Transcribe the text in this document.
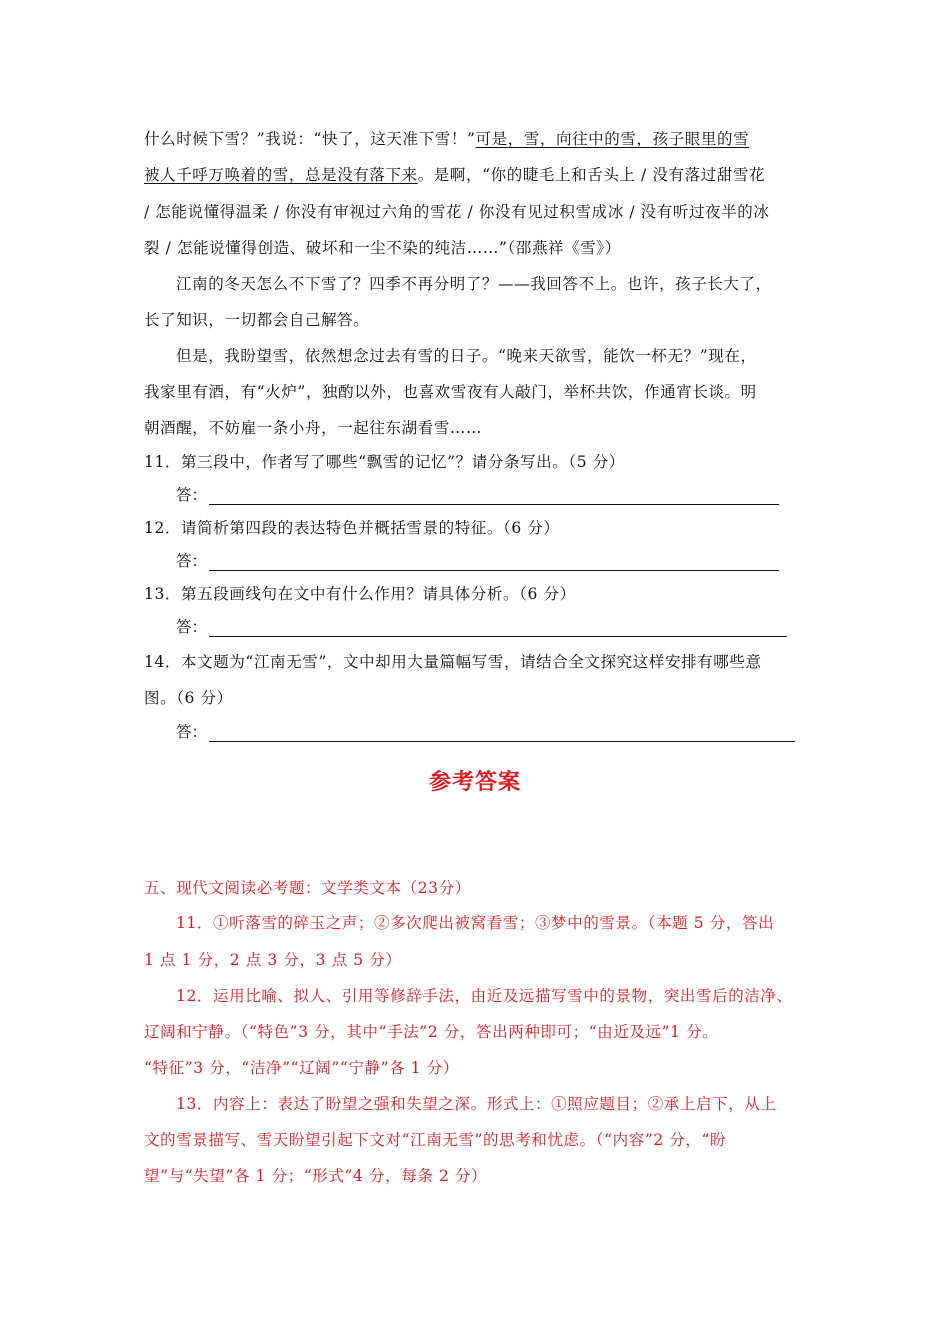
什么时候下雪？”我说：“快了，这天准下雪！”可是，雪，向往中的雪，孩子眼里的雪
被人千呼万唤着的雪，总是没有落下来。是啊，“你的睫毛上和舌头上 / 没有落过甜雪花
/ 怎能说懂得温柔 / 你没有审视过六角的雪花 / 你没有见过积雪成冰 / 没有听过夜半的冰
裂 / 怎能说懂得创造、破坏和一尘不染的纯洁……”（邵燕祥《雪》）
江南的冬天怎么不下雪了？四季不再分明了？——我回答不上。也许，孩子长大了，
长了知识，一切都会自己解答。
但是，我盼望雪，依然想念过去有雪的日子。“晚来天欲雪，能饮一杯无？”现在，
我家里有酒，有“火炉”，独酌以外，也喜欢雪夜有人敲门，举杯共饮，作通宵长谈。明
朝酒醒，不妨雇一条小舟，一起往东湖看雪……
11．第三段中，作者写了哪些“飘雪的记忆”？请分条写出。（5 分）
答：
12．请简析第四段的表达特色并概括雪景的特征。（6 分）
答：
13．第五段画线句在文中有什么作用？请具体分析。（6 分）
答：
14．本文题为“江南无雪”，文中却用大量篇幅写雪，请结合全文探究这样安排有哪些意
图。（6 分）
答：
参考答案
五、现代文阅读必考题：文学类文本（23分）
11．①听落雪的碎玉之声；②多次爬出被窝看雪；③梦中的雪景。（本题 5 分，答出
1 点 1 分，2 点 3 分，3 点 5 分）
12．运用比喻、拟人、引用等修辞手法，由近及远描写雪中的景物，突出雪后的洁净、
辽阔和宁静。（“特色”3 分，其中“手法”2 分，答出两种即可；“由近及远”1 分。
“特征”3 分，“洁净”“辽阔”“宁静”各 1 分）
13．内容上：表达了盼望之强和失望之深。形式上：①照应题目；②承上启下，从上
文的雪景描写、雪天盼望引起下文对“江南无雪”的思考和忧虑。（“内容”2 分，“盼
望”与“失望”各 1 分；“形式”4 分，每条 2 分）
